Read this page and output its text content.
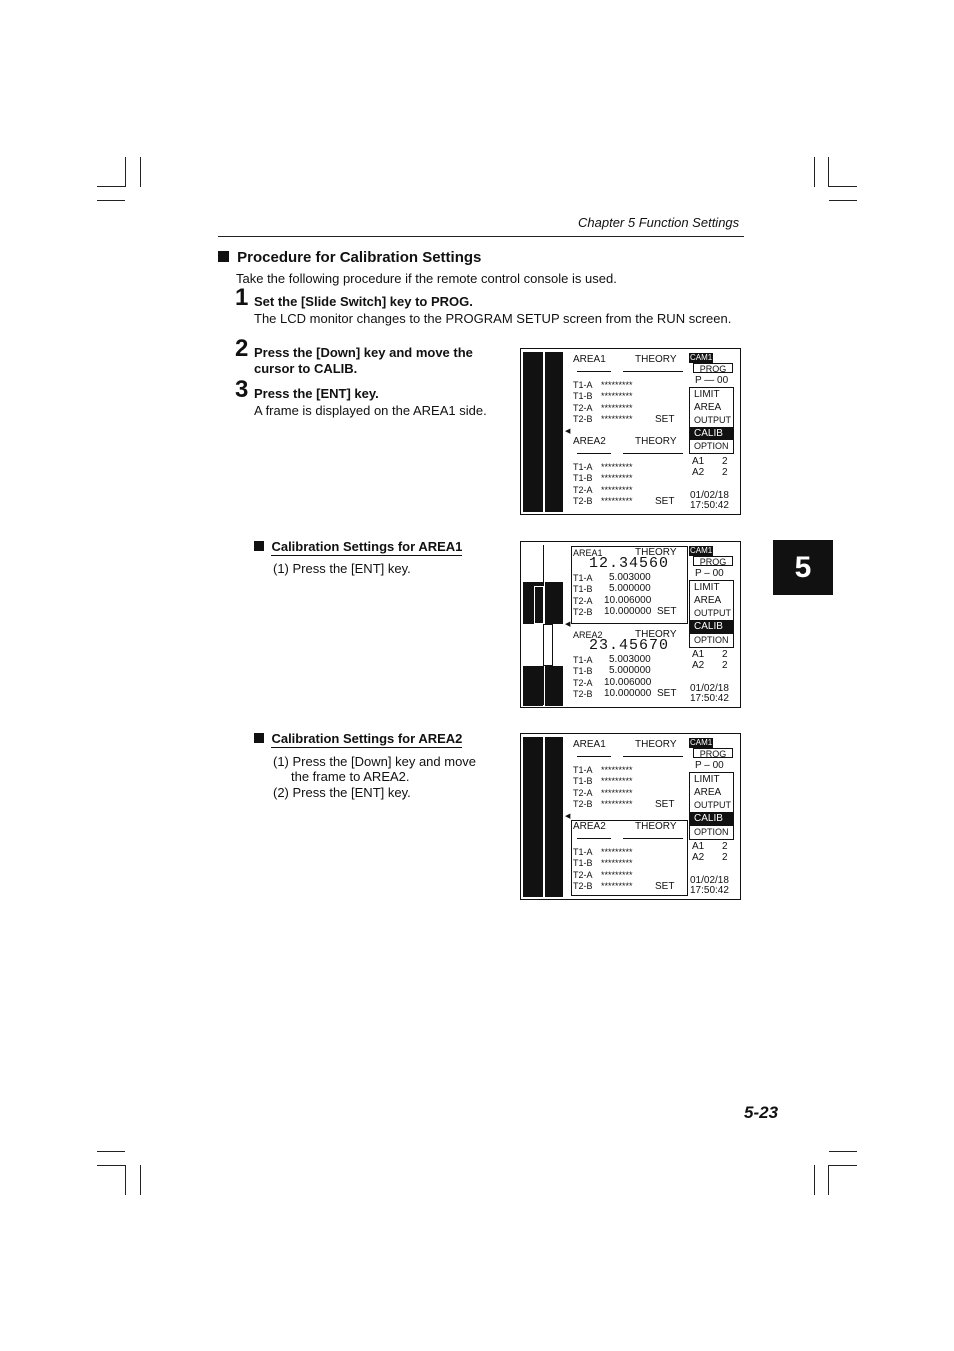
Chapter 5 Function Settings
Procedure for Calibration Settings
Take the following procedure if the remote control console is used.
1 Set the [Slide Switch] key to PROG.
The LCD monitor changes to the PROGRAM SETUP screen from the RUN screen.
2 Press the [Down] key and move the
cursor to CALIB.
3 Press the [ENT] key.
A frame is displayed on the AREA1 side.
AREA1	THEORY
T1-A *********
T1-B *********
T2-A *********
T2-B ********* SET
◀
AREA2	THEORY
T1-A *********
T1-B *********
T2-A *********
T2-B ********* SET
CAM1
PROG
P — 00
LIMIT
AREA
OUTPUT
CALIB
OPTION
A1 2
A2 2
01/02/18
17:50:42
5
Calibration Settings for AREA1
(1) Press the [ENT] key.
AREA1	THEORY
12.34560
T1-A 5.003000
T1-B 5.000000
T2-A 10.006000
T2-B 10.000000 SET
◀
AREA2	THEORY
23.45670
T1-A 5.003000
T1-B 5.000000
T2-A 10.006000
T2-B 10.000000 SET
CAM1
PROG
P – 00
LIMIT
AREA
OUTPUT
CALIB
OPTION
A1 2
A2 2
01/02/18
17:50:42
Calibration Settings for AREA2
(1) Press the [Down] key and move
the frame to AREA2.
(2) Press the [ENT] key.
AREA1	THEORY
T1-A *********
T1-B *********
T2-A *********
T2-B ********* SET
◀
AREA2	THEORY
T1-A *********
T1-B *********
T2-A *********
T2-B ********* SET
CAM1
PROG
P – 00
LIMIT
AREA
OUTPUT
CALIB
OPTION
A1 2
A2 2
01/02/18
17:50:42
5-23
